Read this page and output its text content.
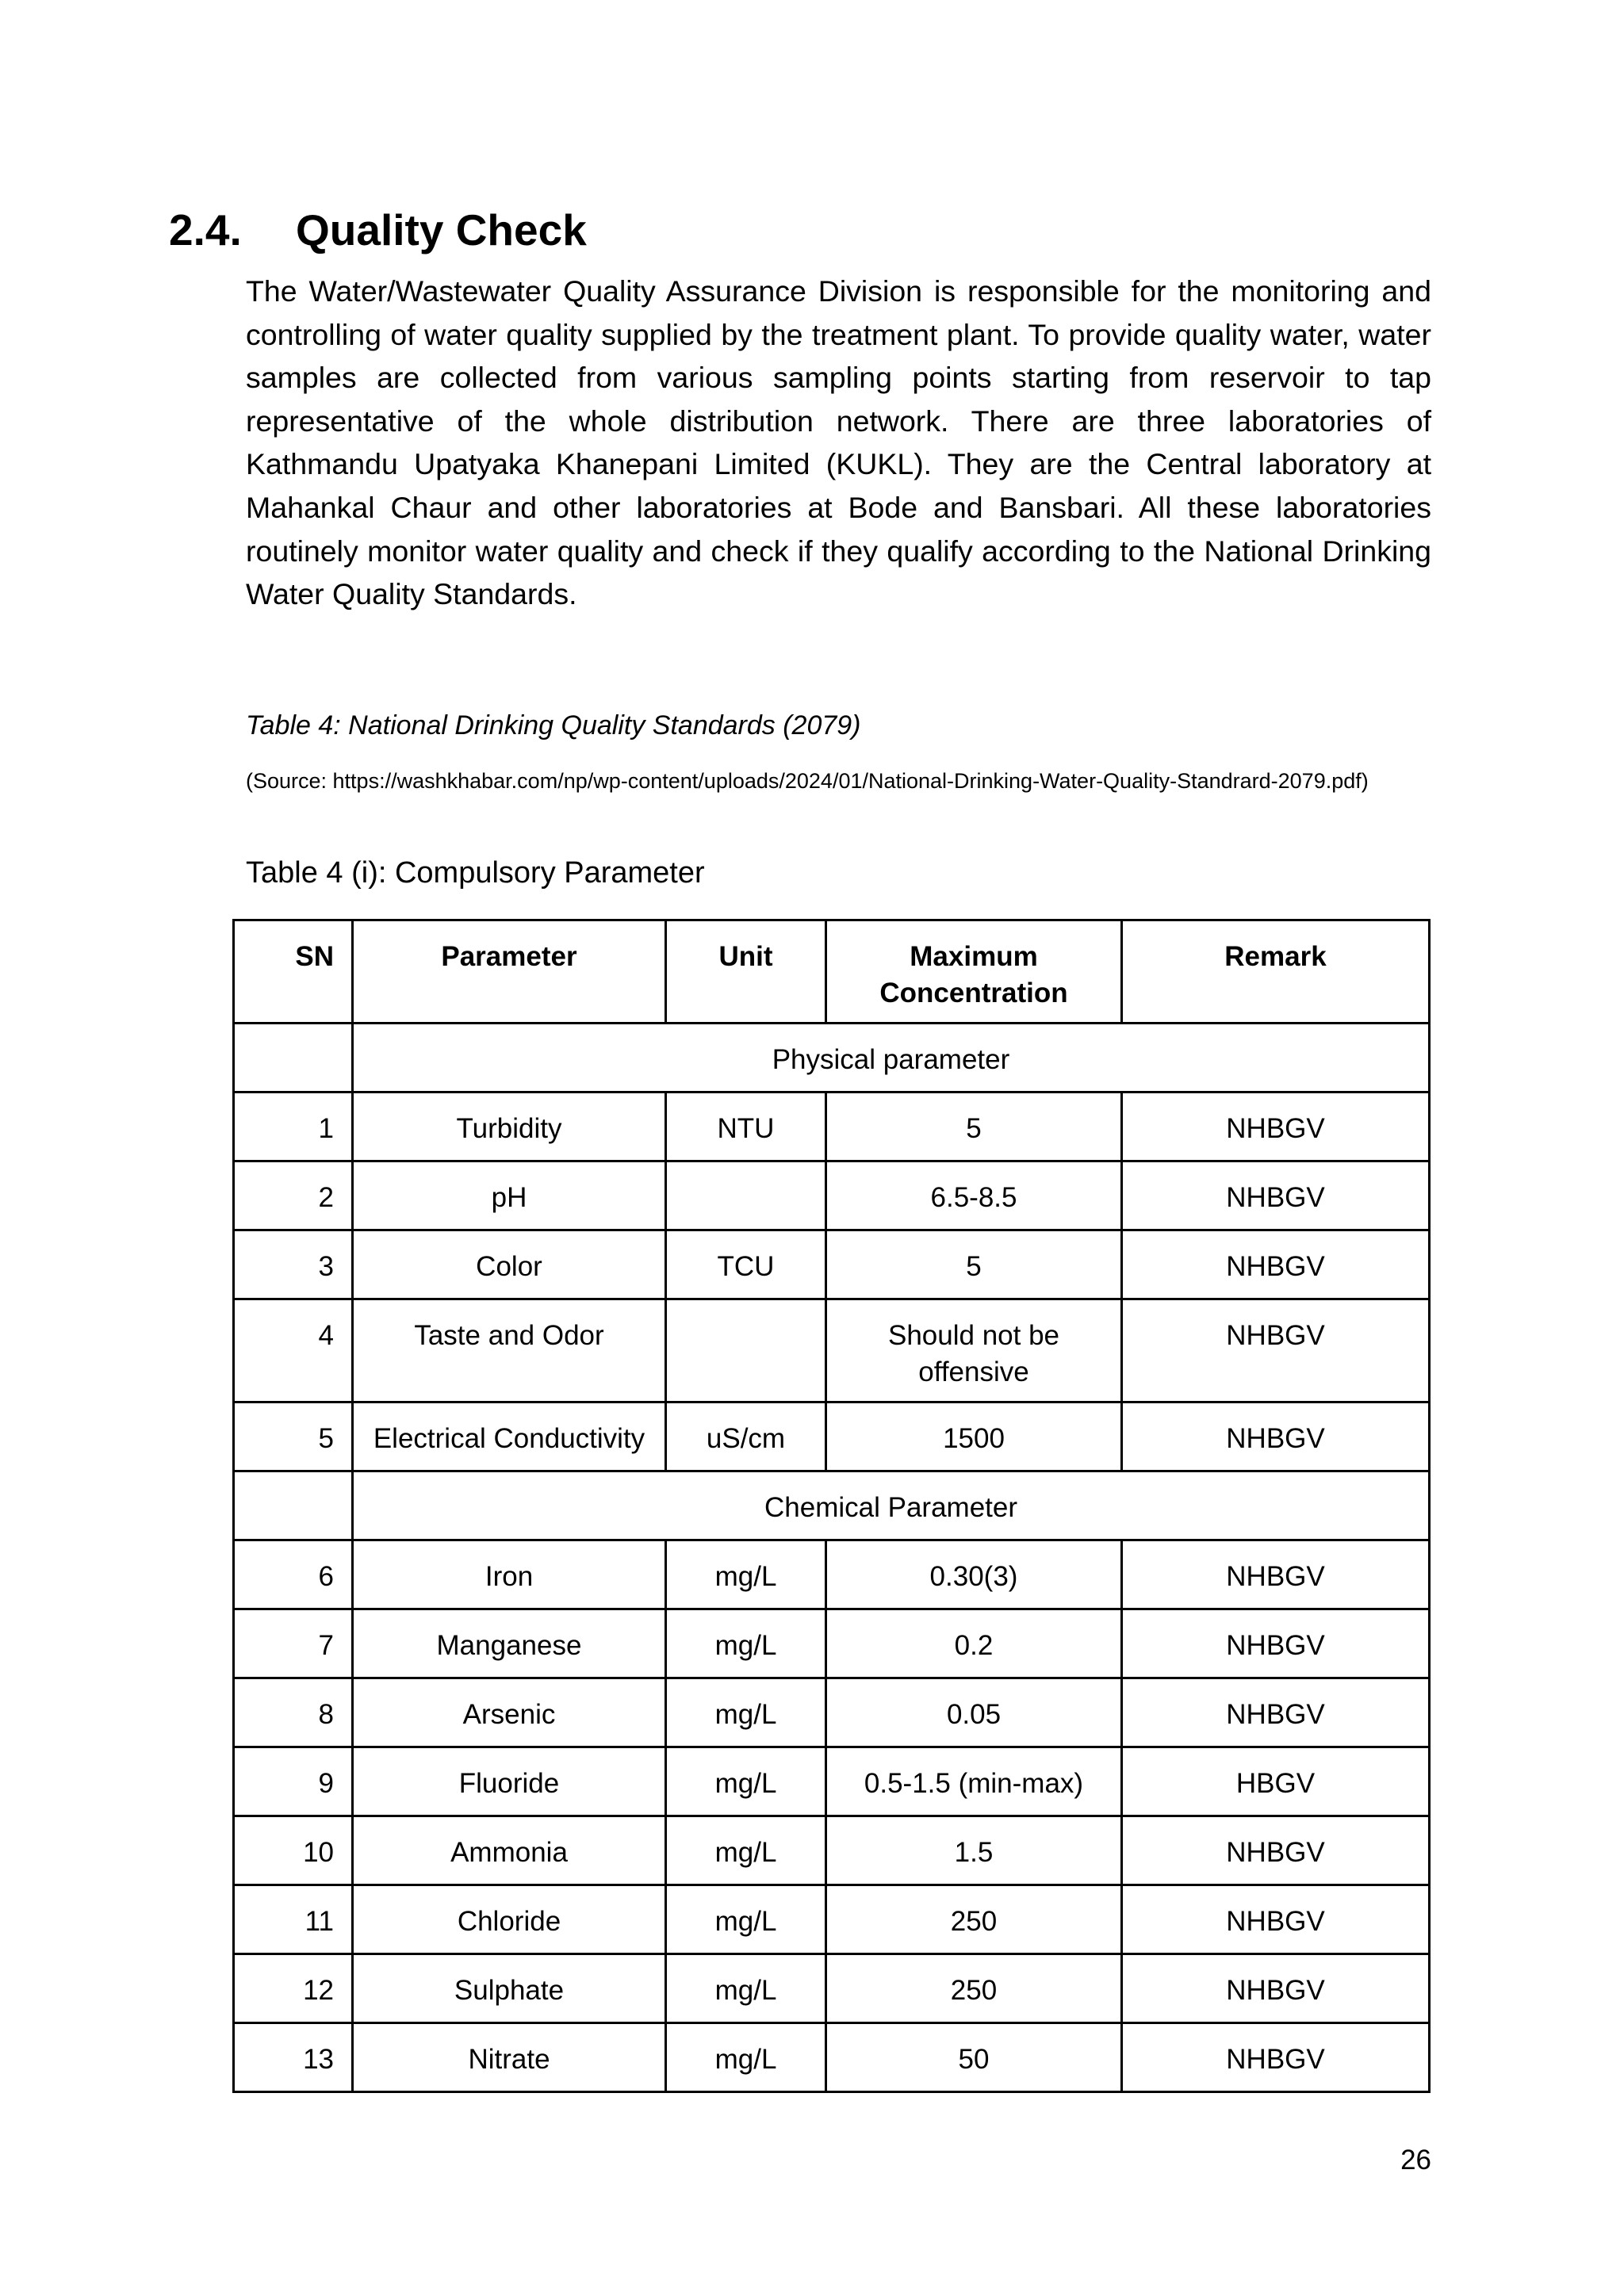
2.4. Quality Check

The Water/Wastewater Quality Assurance Division is responsible for the monitoring and controlling of water quality supplied by the treatment plant. To provide quality water, water samples are collected from various sampling points starting from reservoir to tap representative of the whole distribution network. There are three laboratories of Kathmandu Upatyaka Khanepani Limited (KUKL). They are the Central laboratory at Mahankal Chaur and other laboratories at Bode and Bansbari. All these laboratories routinely monitor water quality and check if they qualify according to the National Drinking Water Quality Standards.

Table 4: National Drinking Quality Standards (2079)

(Source: https://washkhabar.com/np/wp-content/uploads/2024/01/National-Drinking-Water-Quality-Standrard-2079.pdf)

Table 4 (i): Compulsory Parameter

SN	Parameter	Unit	Maximum Concentration	Remark
	Physical parameter			
1	Turbidity	NTU	5	NHBGV
2	pH		6.5-8.5	NHBGV
3	Color	TCU	5	NHBGV
4	Taste and Odor		Should not be offensive	NHBGV
5	Electrical Conductivity	uS/cm	1500	NHBGV
	Chemical Parameter			
6	Iron	mg/L	0.30(3)	NHBGV
7	Manganese	mg/L	0.2	NHBGV
8	Arsenic	mg/L	0.05	NHBGV
9	Fluoride	mg/L	0.5-1.5 (min-max)	HBGV
10	Ammonia	mg/L	1.5	NHBGV
11	Chloride	mg/L	250	NHBGV
12	Sulphate	mg/L	250	NHBGV
13	Nitrate	mg/L	50	NHBGV

26
